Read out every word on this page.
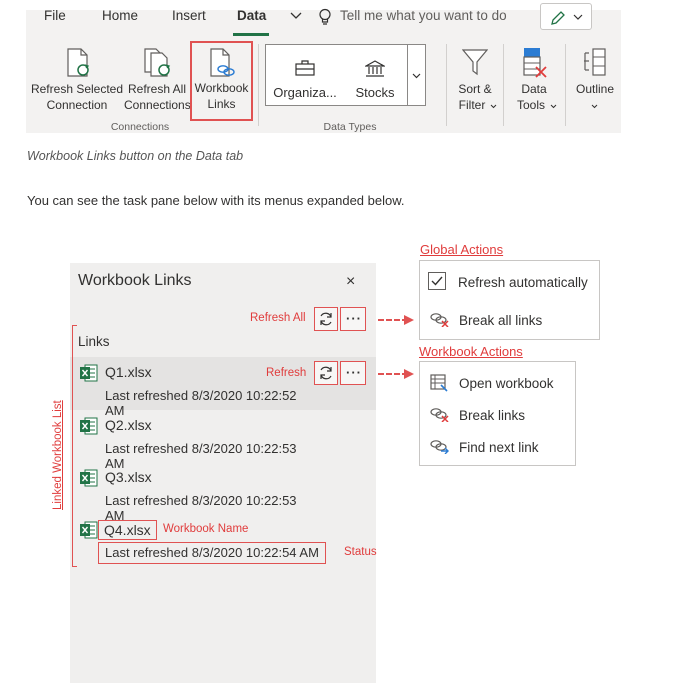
File	Home	Insert Data	Tell me what you want to do
Refresh Selected
Connection
Refresh All
Connections
Workbook
Links
Connections
Organiza...	Stocks
Data Types
Sort &
Filter
Data
Tools
Outline
Workbook Links button on the Data tab
You can see the task pane below with its menus expanded below.
Workbook Links	×
Refresh All	···
Links
Refresh	···
Q1.xlsx
Last refreshed 8/3/2020 10:22:52 AM
Q2.xlsx
Last refreshed 8/3/2020 10:22:53 AM
Q3.xlsx
Last refreshed 8/3/2020 10:22:53 AM
Q4.xlsx
Last refreshed 8/3/2020 10:22:54 AM
Workbook Name
Status
Linked Workbook List
Global Actions
Refresh automatically
Break all links
Workbook Actions
Open workbook
Break links
Find next link
